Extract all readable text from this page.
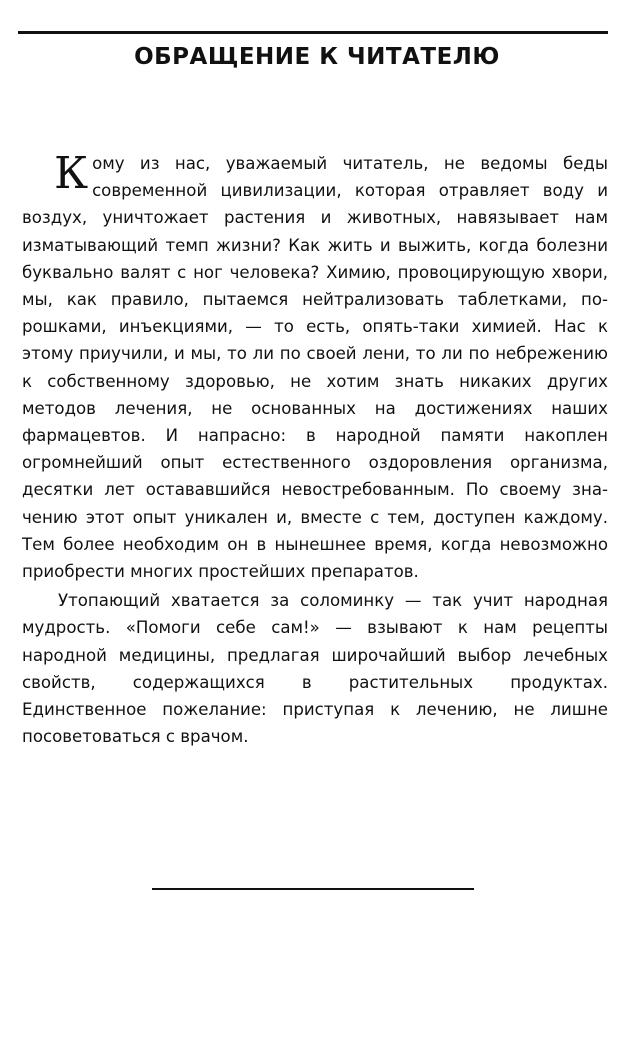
ОБРАЩЕНИЕ К ЧИТАТЕЛЮ

Кому из нас, уважаемый читатель, не ведомы беды современной цивилизации, которая отравляет воду и воздух, уничтожает растения и животных, навязывает нам изматывающий темп жизни? Как жить и выжить, когда болезни буквально валят с ног человека? Химию, провоцирующую хвори, мы, как правило, пытаемся нейтрализовать таблетками, порошками, инъекциями, — то есть, опять-таки химией. Нас к этому приучили, и мы, то ли по своей лени, то ли по небрежению к собственному здоровью, не хотим знать никаких других методов лечения, не основанных на достижениях наших фармацевтов. И напрасно: в народной памяти накоплен огромнейший опыт естественного оздоровления организма, десятки лет остававшийся невостребованным. По своему значению этот опыт уникален и, вместе с тем, доступен каждому. Тем более необходим он в нынешнее время, когда невозможно приобрести многих простейших препаратов.

Утопающий хватается за соломинку — так учит народная мудрость. «Помоги себе сам!» — взывают к нам рецепты народной медицины, предлагая широчайший выбор лечебных свойств, содержащихся в растительных продуктах. Единственное пожелание: приступая к лечению, не лишне посоветоваться с врачом.
